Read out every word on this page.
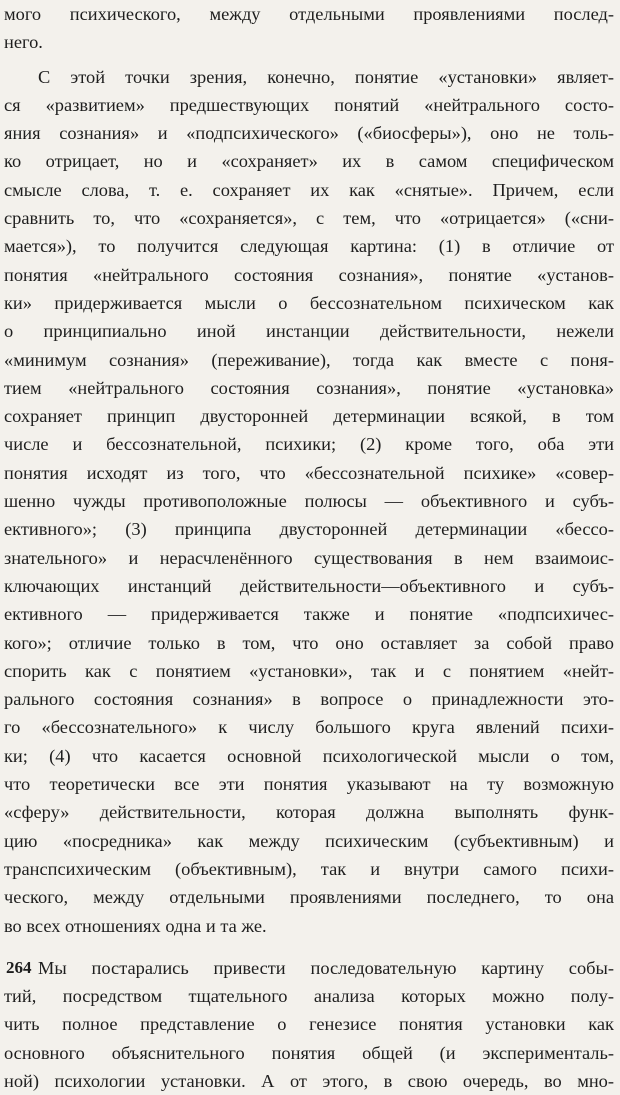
мого психического, между отдельными проявлениями послед-
него.
С этой точки зрения, конечно, понятие «установки» являет-
ся «развитием» предшествующих понятий «нейтрального состо-
яния сознания» и «подпсихического» («биосферы»), оно не толь-
ко отрицает, но и «сохраняет» их в самом специфическом
смысле слова, т. е. сохраняет их как «снятые». Причем, если
сравнить то, что «сохраняется», с тем, что «отрицается» («сни-
мается»), то получится следующая картина: (1) в отличие от
понятия «нейтрального состояния сознания», понятие «установ-
ки» придерживается мысли о бессознательном психическом как
о принципиально иной инстанции действительности, нежели
«минимум сознания» (переживание), тогда как вместе с поня-
тием «нейтрального состояния сознания», понятие «установка»
сохраняет принцип двусторонней детерминации всякой, в том
числе и бессознательной, психики; (2) кроме того, оба эти
понятия исходят из того, что «бессознательной психике» «совер-
шенно чужды противоположные полюсы — объективного и субъ-
ективного»; (3) принципа двусторонней детерминации «бессо-
знательного» и нерасчленённого существования в нем взаимоис-
ключающих инстанций действительности—объективного и субъ-
ективного — придерживается также и понятие «подпсихичес-
кого»; отличие только в том, что оно оставляет за собой право
спорить как с понятием «установки», так и с понятием «нейт-
рального состояния сознания» в вопросе о принадлежности это-
го «бессознательного» к числу большого круга явлений психи-
ки; (4) что касается основной психологической мысли о том,
что теоретически все эти понятия указывают на ту возможную
«сферу» действительности, которая должна выполнять функ-
цию «посредника» как между психическим (субъективным) и
транспсихическим (объективным), так и внутри самого психи-
ческого, между отдельными проявлениями последнего, то она
во всех отношениях одна и та же.
Мы постарались привести последовательную картину собы-
тий, посредством тщательного анализа которых можно полу-
чить полное представление о генезисе понятия установки как
основного объяснительного понятия общей (и эксперименталь-
ной) психологии установки. А от этого, в свою очередь, во мно-
264
